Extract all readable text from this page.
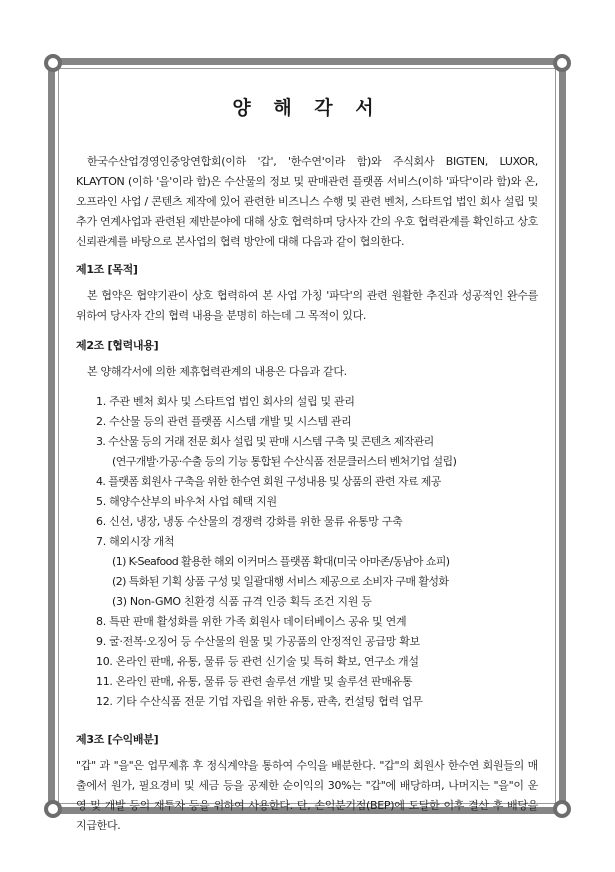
양 해 각 서

한국수산업경영인중앙연합회(이하 '갑', '한수연'이라 함)와 주식회사 BIGTEN, LUXOR, KLAYTON (이하 '을'이라 함)은 수산물의 정보 및 판매관련 플랫폼 서비스(이하 '파닥'이라 함)와 온, 오프라인 사업 / 콘텐츠 제작에 있어 관련한 비즈니스 수행 및 관련 벤처, 스타트업 법인 회사 설립 및 추가 연계사업과 관련된 제반분야에 대해 상호 협력하며 당사자 간의 우호 협력관계를 확인하고 상호 신뢰관계를 바탕으로 본사업의 협력 방안에 대해 다음과 같이 협의한다.

제1조 [목적]

본 협약은 협약기관이 상호 협력하여 본 사업 가칭 '파닥'의 관련 원활한 추진과 성공적인 완수를 위하여 당사자 간의 협력 내용을 분명히 하는데 그 목적이 있다.

제2조 [협력내용]

본 양해각서에 의한 제휴협력관계의 내용은 다음과 같다.

1. 주관 벤처 회사 및 스타트업 법인 회사의 설립 및 관리
2. 수산물 등의 관련 플랫폼 시스템 개발 및 시스템 관리
3. 수산물 등의 거래 전문 회사 설립 및 판매 시스템 구축 및 콘텐츠 제작관리
(연구개발·가공·수출 등의 기능 통합된 수산식품 전문클러스터 벤처기업 설립)
4. 플랫폼 회원사 구축을 위한 한수연 회원 구성내용 및 상품의 관련 자료 제공
5. 해양수산부의 바우처 사업 혜택 지원
6. 신선, 냉장, 냉동 수산물의 경쟁력 강화를 위한 물류 유통망 구축
7. 해외시장 개척
(1) K-Seafood 활용한 해외 이커머스 플랫폼 확대(미국 아마존/동남아 쇼피)
(2) 특화된 기획 상품 구성 및 일괄대행 서비스 제공으로 소비자 구매 활성화
(3) Non-GMO 친환경 식품 규격 인증 획득 조건 지원 등
8. 특판 판매 활성화를 위한 가족 회원사 데이터베이스 공유 및 연계
9. 굴·전복·오징어 등 수산물의 원물 및 가공품의 안정적인 공급망 확보
10. 온라인 판매, 유통, 물류 등 관련 신기술 및 특허 확보, 연구소 개설
11. 온라인 판매, 유통, 물류 등 관련 솔루션 개발 및 솔루션 판매유통
12. 기타 수산식품 전문 기업 자립을 위한 유통, 판촉, 컨설팅 협력 업무
제3조 [수익배분]

"갑" 과 "을"은 업무제휴 후 정식계약을 통하여 수익을 배분한다. "갑"의 회원사 한수연 회원들의 매출에서 원가, 필요경비 및 세금 등을 공제한 순이익의 30%는 "갑"에 배당하며, 나머지는 "을"이 운영 및 개발 등의 재투자 등을 위하여 사용한다. 단, 손익분기점(BEP)에 도달한 이후 결산 후 배당을 지급한다.
